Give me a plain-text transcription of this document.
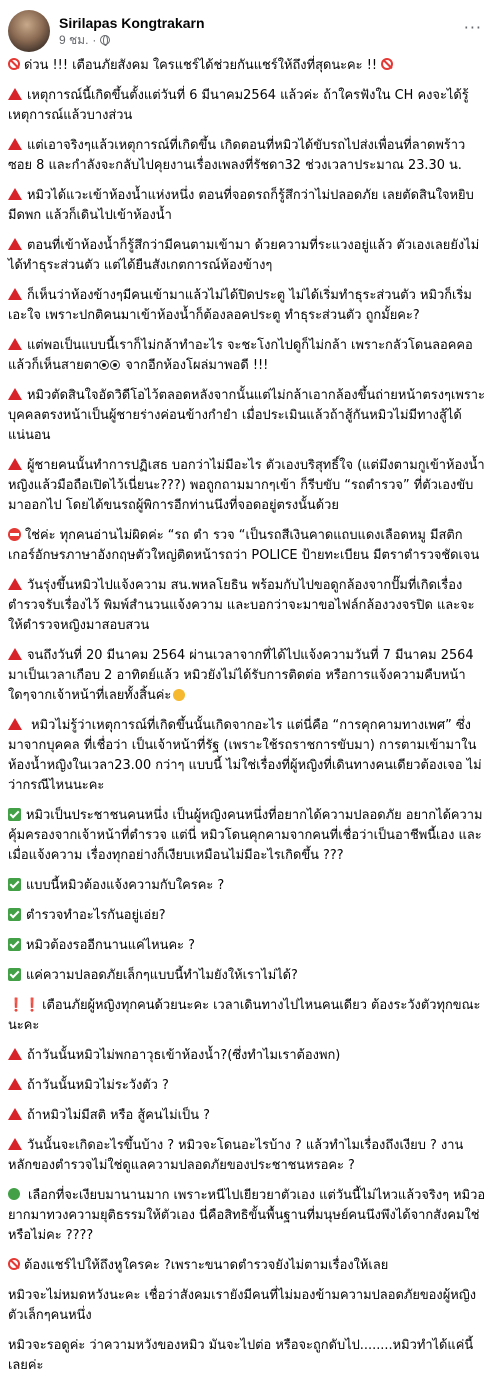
Sirilapas Kongtrakarn
9 ชม. ·
···
ด่วน !!! เตือนภัยสังคม ใครแชร์ได้ช่วยกันแชร์ให้ถึงที่สุดนะคะ !!
เหตุการณ์นี้เกิดขึ้นตั้งแต่วันที่ 6 มีนาคม2564 แล้วค่ะ ถ้าใครฟังใน CH คงจะได้รู้เหตุการณ์แล้วบางส่วน
แต่เอาจริงๆแล้วเหตุการณ์ที่เกิดขึ้น เกิดตอนที่หมิวได้ขับรถไปส่งเพื่อนที่ลาดพร้าวซอย 8 และกำลังจะกลับไปคุยงานเรื่องเพลงที่รัชดา32 ช่วงเวลาประมาณ 23.30 น.
หมิวได้แวะเข้าห้องน้ำแห่งหนึ่ง ตอนที่จอดรถก็รู้สึกว่าไม่ปลอดภัย เลยตัดสินใจหยิบมีดพก แล้วก็เดินไปเข้าห้องน้ำ
ตอนที่เข้าห้องน้ำก็รู้สึกว่ามีคนตามเข้ามา ด้วยความที่ระแวงอยู่แล้ว ตัวเองเลยยังไม่ได้ทำธุระส่วนตัว แต่ได้ยืนสังเกตการณ์ห้องข้างๆ
ก็เห็นว่าห้องข้างๆมีคนเข้ามาแล้วไม่ได้ปิดประตู ไม่ได้เริ่มทำธุระส่วนตัว หมิวก็เริ่มเอะใจ เพราะปกติคนมาเข้าห้องน้ำก็ต้องลอคประตู ทำธุระส่วนตัว ถูกมั้ยคะ?
แต่พอเป็นแบบนี้เราก็ไม่กล้าทำอะไร จะชะโงกไปดูก็ไม่กล้า เพราะกลัวโดนลอคคอ แล้วก็เห็นสายตา จากอีกห้องโผล่มาพอดี !!!
หมิวตัดสินใจอัดวิดีโอไว้ตลอดหลังจากนั้นแต่ไม่กล้าเอากล้องขึ้นถ่ายหน้าตรงๆเพราะบุคคลตรงหน้าเป็นผู้ชายร่างค่อนข้างกำยำ เมื่อประเมินแล้วถ้าสู้กันหมิวไม่มีทางสู้ได้แน่นอน
ผู้ชายคนนั้นทำการปฏิเสธ บอกว่าไม่มีอะไร ตัวเองบริสุทธิ์ใจ (แต่มึงตามกูเข้าห้องน้ำหญิงแล้วมือถือเปิดไว้เนี่ยนะ???) พอถูกถามมากๆเข้า ก็รีบขับ “รถตำรวจ” ที่ตัวเองขับมาออกไป โดยได้ขนรถผู้พิการอีกท่านนึงที่จอดอยู่ตรงนั้นด้วย
ใช่ค่ะ ทุกคนอ่านไม่ผิดค่ะ “รถ ตำ รวจ “เป็นรถสีเงินคาดแถบแดงเลือดหมู มีสติกเกอร์อักษรภาษาอังกฤษตัวใหญ่ติดหน้ารถว่า POLICE ป้ายทะเบียน มีตราตำรวจชัดเจน
วันรุ่งขึ้นหมิวไปแจ้งความ สน.พหลโยธิน พร้อมกับไปขอดูกล้องจากปั๊มที่เกิดเรื่อง ตำรวจรับเรื่องไว้ พิมพ์สำนวนแจ้งความ และบอกว่าจะมาขอไฟล์กล้องวงจรปิด และจะให้ตำรวจหญิงมาสอบสวน
จนถึงวันที่ 20 มีนาคม 2564 ผ่านเวลาจากที่ได้ไปแจ้งความวันที่ 7 มีนาคม 2564 มาเป็นเวลาเกือบ 2 อาทิตย์แล้ว หมิวยังไม่ได้รับการติดต่อ หรือการแจ้งความคืบหน้าใดๆจากเจ้าหน้าที่เลยทั้งสิ้นค่ะ
หมิวไม่รู้ว่าเหตุการณ์ที่เกิดขึ้นนั้นเกิดจากอะไร แต่นี่คือ “การคุกคามทางเพศ” ซึ่งมาจากบุคคล ที่เชื่อว่า เป็นเจ้าหน้าที่รัฐ (เพราะใช้รถราชการขับมา) การตามเข้ามาในห้องน้ำหญิงในเวลา23.00 กว่าๆ แบบนี้ ไม่ใช่เรื่องที่ผู้หญิงที่เดินทางคนเดียวต้องเจอ ไม่ว่ากรณีไหนนะคะ
หมิวเป็นประชาชนคนหนึ่ง เป็นผู้หญิงคนหนึ่งที่อยากได้ความปลอดภัย อยากได้ความคุ้มครองจากเจ้าหน้าที่ตำรวจ แต่นี่ หมิวโดนคุกคามจากคนที่เชื่อว่าเป็นอาชีพนี้เอง และเมื่อแจ้งความ เรื่องทุกอย่างก็เงียบเหมือนไม่มีอะไรเกิดขึ้น ???
แบบนี้หมิวต้องแจ้งความกับใครคะ ?
ตำรวจทำอะไรกันอยู่เอ่ย?
หมิวต้องรออีกนานแค่ไหนคะ ?
แค่ความปลอดภัยเล็กๆแบบนี้ทำไมยังให้เราไม่ได้?
❗❗ เตือนภัยผู้หญิงทุกคนด้วยนะคะ เวลาเดินทางไปไหนคนเดียว ต้องระวังตัวทุกขณะนะคะ
ถ้าวันนั้นหมิวไม่พกอาวุธเข้าห้องน้ำ?(ซึ่งทำไมเราต้องพก)
ถ้าวันนั้นหมิวไม่ระวังตัว ?
ถ้าหมิวไม่มีสติ หรือ สู้คนไม่เป็น ?
วันนั้นจะเกิดอะไรขึ้นบ้าง ? หมิวจะโดนอะไรบ้าง ? แล้วทำไมเรื่องถึงเงียบ ? งานหลักของตำรวจไม่ใช่ดูแลความปลอดภัยของประชาชนหรอคะ ?
เลือกที่จะเงียบมานานมาก เพราะหนีไปเยียวยาตัวเอง แต่วันนี้ไม่ไหวแล้วจริงๆ หมิวอยากมาทวงความยุติธรรมให้ตัวเอง นี่คือสิทธิขั้นพื้นฐานที่มนุษย์คนนึงพึงได้จากสังคมใช่หรือไม่คะ ????
ต้องแชร์ไปให้ถึงหูใครคะ ?เพราะขนาดตำรวจยังไม่ตามเรื่องให้เลย
หมิวจะไม่หมดหวังนะคะ เชื่อว่าสังคมเรายังมีคนที่ไม่มองข้ามความปลอดภัยของผู้หญิงตัวเล็กๆคนหนึ่ง
หมิวจะรอดูค่ะ ว่าความหวังของหมิว มันจะไปต่อ หรือจะถูกดับไป........หมิวทำได้แค่นี้เลยค่ะ
